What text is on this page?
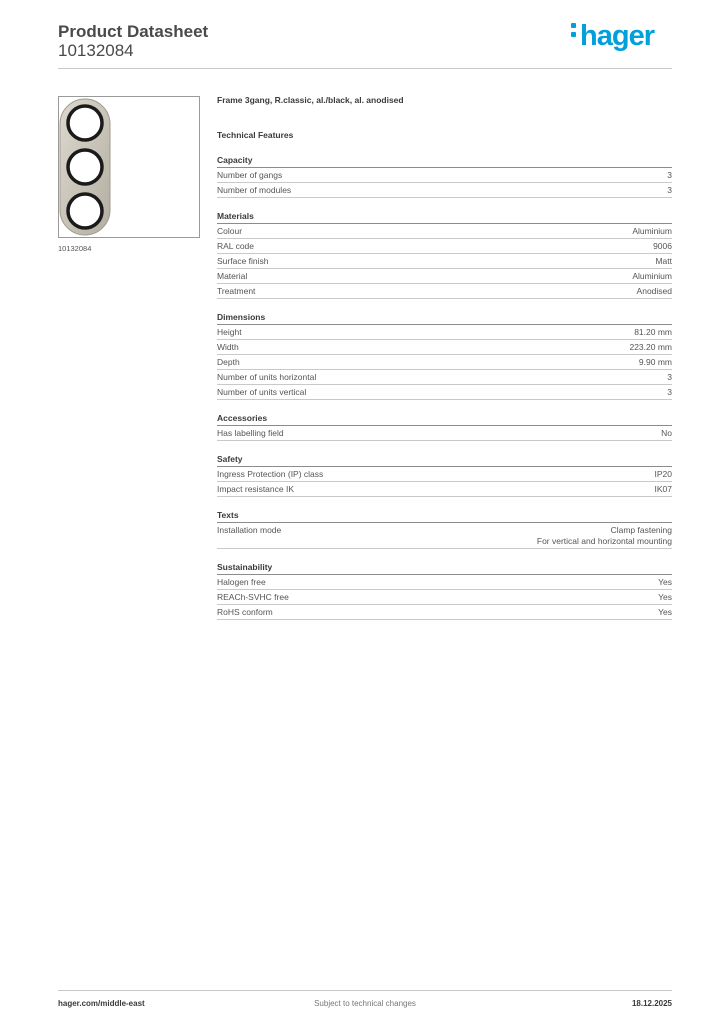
Product Datasheet
10132084	hager
10132084
Frame 3gang, R.classic, al./black, al. anodised
Technical Features
Capacity
Number of gangs	3
Number of modules	3
Materials
Colour	Aluminium
RAL code	9006
Surface finish	Matt
Material	Aluminium
Treatment	Anodised
Dimensions
Height	81.20 mm
Width	223.20 mm
Depth	9.90 mm
Number of units horizontal	3
Number of units vertical	3
Accessories
Has labelling field	No
Safety
Ingress Protection (IP) class	IP20
Impact resistance IK	IK07
Texts
Installation mode	Clamp fastening
For vertical and horizontal mounting
Sustainability
Halogen free	Yes
REACh-SVHC free	Yes
RoHS conform	Yes
hager.com/middle-east	Subject to technical changes	18.12.2025
